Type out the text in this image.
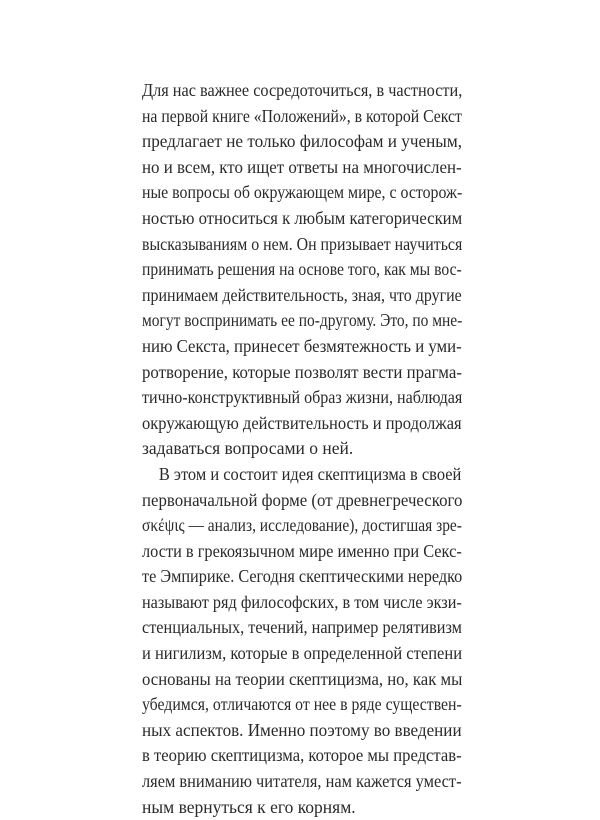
Для нас важнее сосредоточиться, в частности,
на первой книге «Положений», в которой Секст
предлагает не только философам и ученым,
но и всем, кто ищет ответы на многочислен-
ные вопросы об окружающем мире, с осторож-
ностью относиться к любым категорическим
высказываниям о нем. Он призывает научиться
принимать решения на основе того, как мы вос-
принимаем действительность, зная, что другие
могут воспринимать ее по-другому. Это, по мне-
нию Секста, принесет безмятежность и уми-
ротворение, которые позволят вести прагма-
тично-конструктивный образ жизни, наблюдая
окружающую действительность и продолжая
задаваться вопросами о ней.
В этом и состоит идея скептицизма в своей
первоначальной форме (от древнегреческого
σκέψις — анализ, исследование), достигшая зре-
лости в грекоязычном мире именно при Секс-
те Эмпирике. Сегодня скептическими нередко
называют ряд философских, в том числе экзи-
стенциальных, течений, например релятивизм
и нигилизм, которые в определенной степени
основаны на теории скептицизма, но, как мы
убедимся, отличаются от нее в ряде существен-
ных аспектов. Именно поэтому во введении
в теорию скептицизма, которое мы представ-
ляем вниманию читателя, нам кажется умест-
ным вернуться к его корням.
